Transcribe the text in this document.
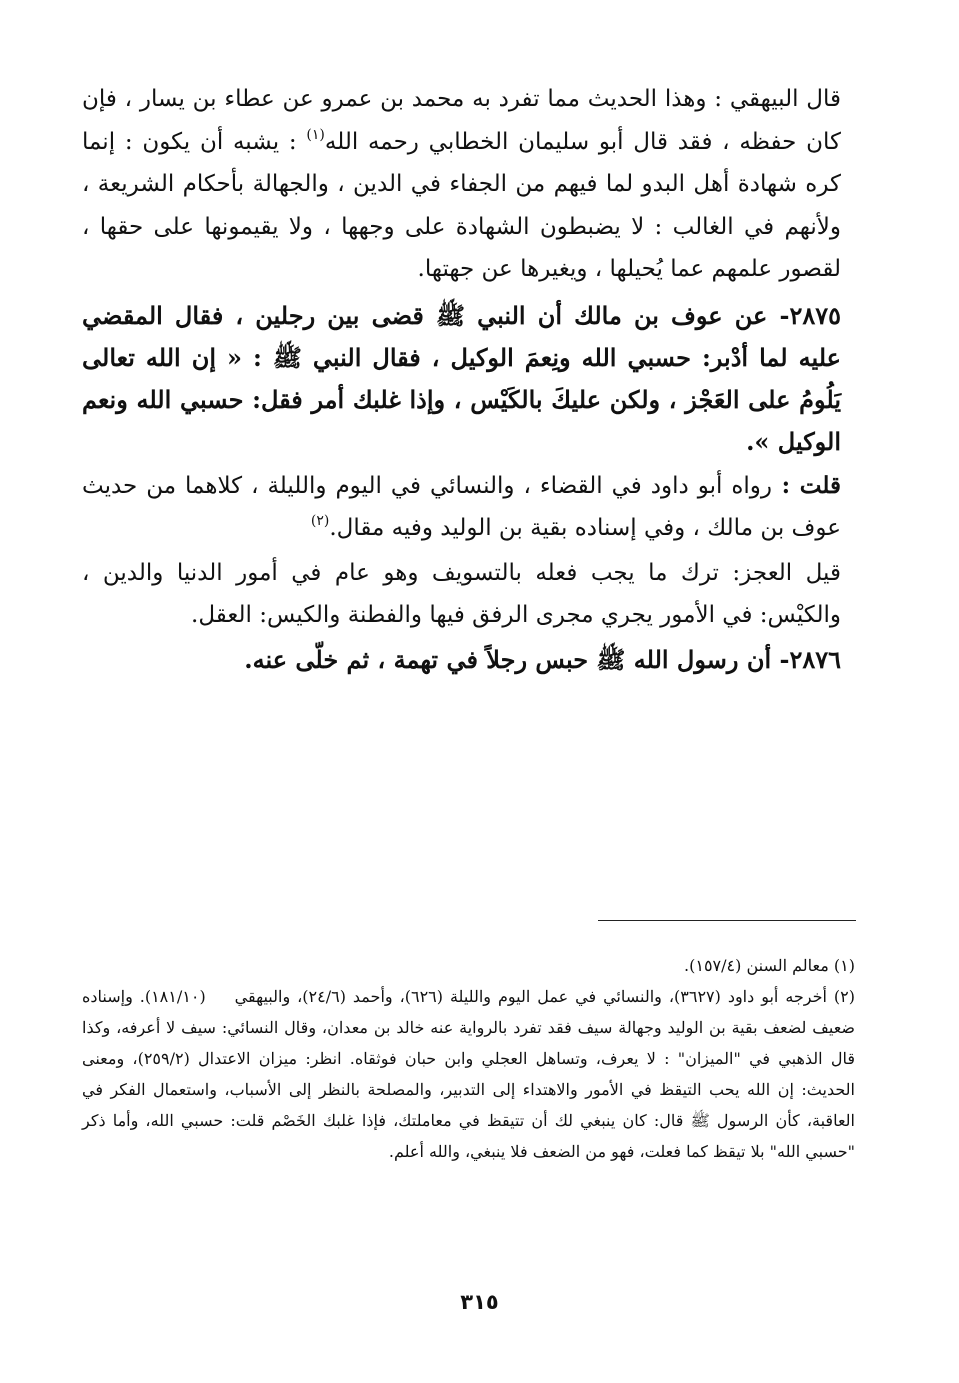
قال البيهقي : وهذا الحديث مما تفرد به محمد بن عمرو عن عطاء بن يسار ، فإن كان حفظه ، فقد قال أبو سليمان الخطابي رحمه الله$^{(١)}$ : يشبه أن يكون : إنما كره شهادة أهل البدو لما فيهم من الجفاء في الدين ، والجهالة بأحكام الشريعة ، ولأنهم في الغالب : لا يضبطون الشهادة على وجهها ، ولا يقيمونها على حقها ، لقصور علمهم عما يُحيلها ، ويغيرها عن جهتها.

٢٨٧٥- عن عوف بن مالك أن النبي ﷺ قضى بين رجلين ، فقال المقضي عليه لما أدْبر: حسبي الله ونِعمَ الوكيل ، فقال النبي ﷺ : « إن الله تعالى يَلُومُ على العَجْز ، ولكن عليكَ بالكَيْس ، وإذا غلبك أمر فقل: حسبي الله ونعم الوكيل ».

قلت : رواه أبو داود في القضاء ، والنسائي في اليوم والليلة ، كلاهما من حديث عوف بن مالك ، وفي إسناده بقية بن الوليد وفيه مقال.$^{(٢)}$

قيل العجز: ترك ما يجب فعله بالتسويف وهو عام في أمور الدنيا والدين ، والكيْس: في الأمور يجري مجرى الرفق فيها والفطنة والكيس: العقل.

٢٨٧٦- أن رسول الله ﷺ حبس رجلاً في تهمة ، ثم خلّى عنه.

(١) معالم السنن (١٥٧/٤).

(٢) أخرجه أبو داود (٣٦٢٧)، والنسائي في عمل اليوم والليلة (٦٢٦)، وأحمد (٢٤/٦)، والبيهقي (١٨١/١٠). وإسناده ضعيف لضعف بقية بن الوليد وجهالة سيف فقد تفرد بالرواية عنه خالد بن معدان، وقال النسائي: سيف لا أعرفه، وكذا قال الذهبي في "الميزان" : لا يعرف، وتساهل العجلي وابن حبان فوثقاه. انظر: ميزان الاعتدال (٢٥٩/٢)، ومعنى الحديث: إن الله يحب التيقظ في الأمور والاهتداء إلى التدبير، والمصلحة بالنظر إلى الأسباب، واستعمال الفكر في العاقبة، كأن الرسول ﷺ قال: كان ينبغي لك أن تتيقظ في معاملتك، فإذا غلبك الخَصْم قلت: حسبي الله، وأما ذكر "حسبي الله" بلا تيقظ كما فعلت، فهو من الضعف فلا ينبغي، والله أعلم.

٣١٥
